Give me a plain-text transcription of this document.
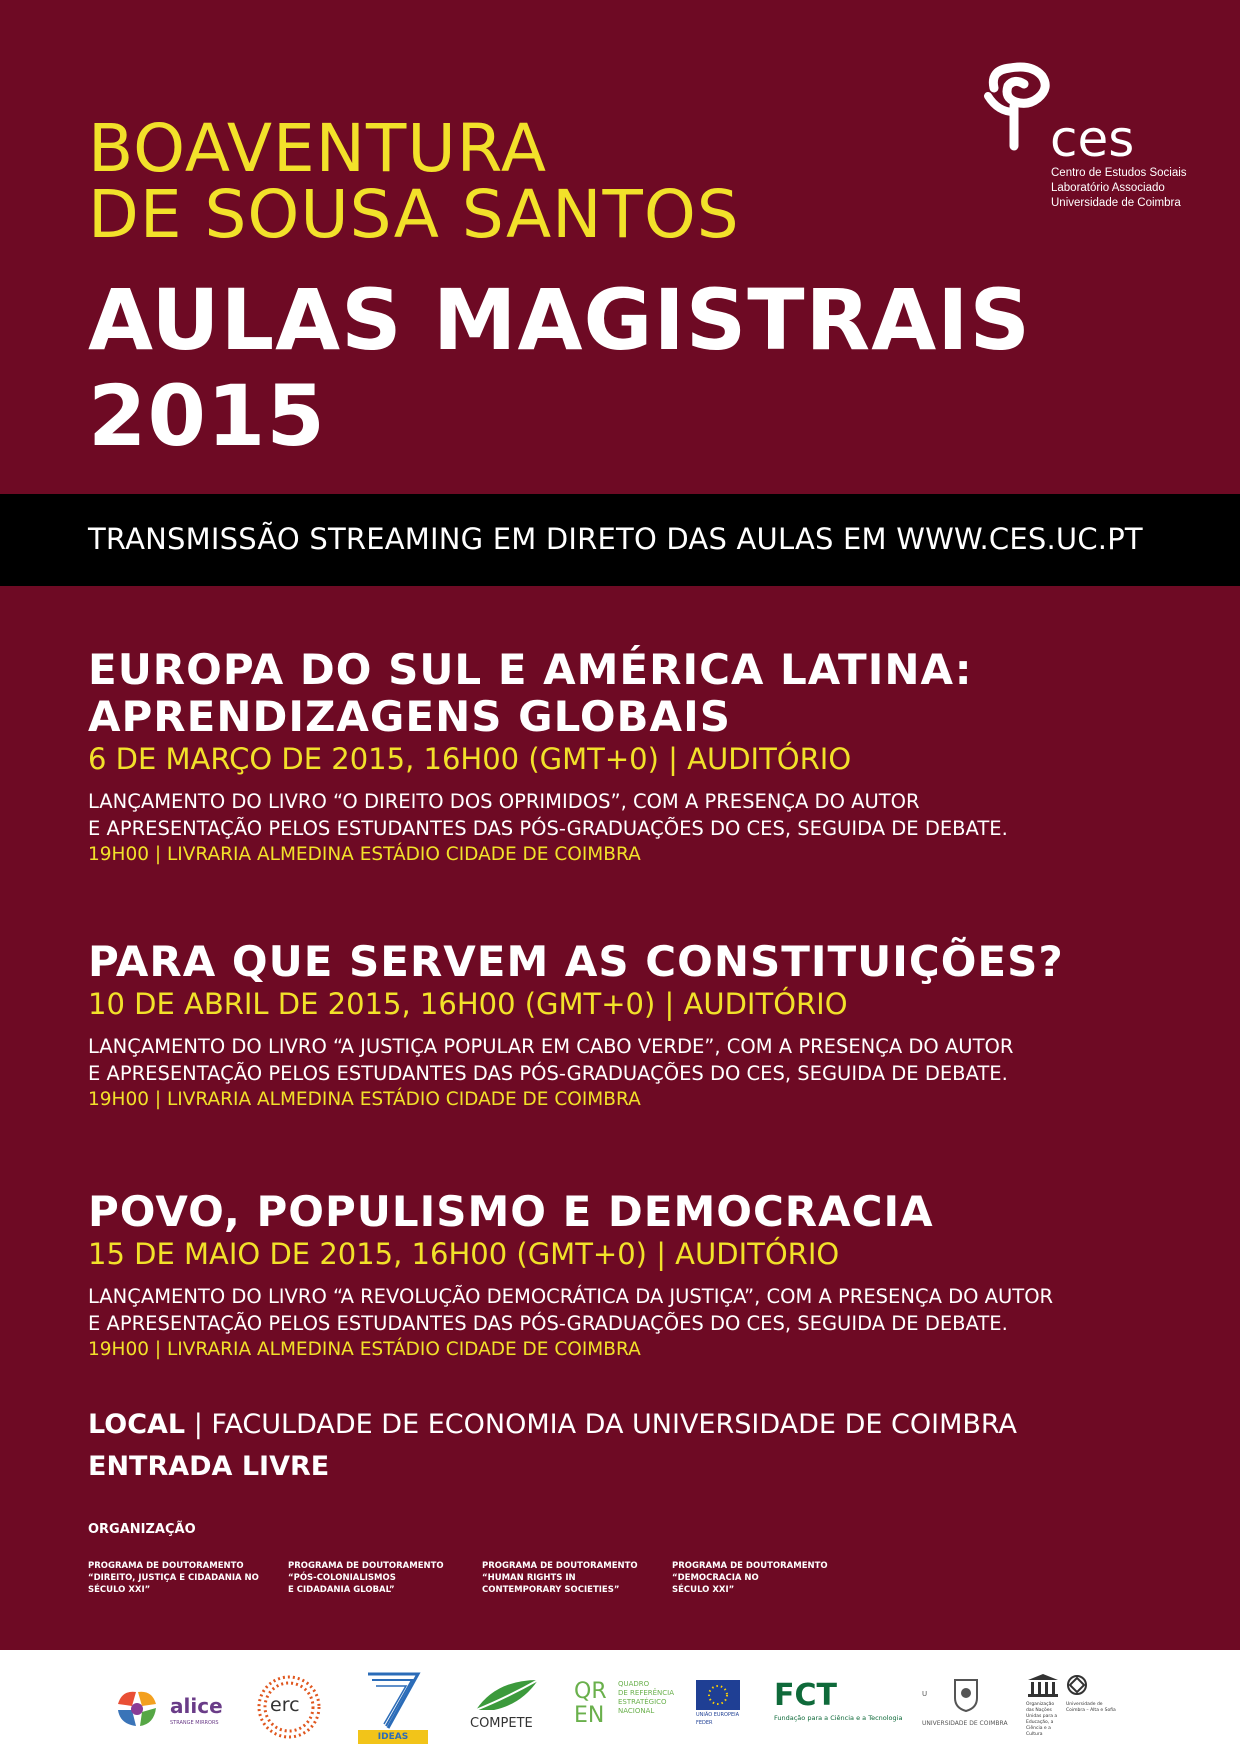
BOAVENTURA
DE SOUSA SANTOS
AULAS MAGISTRAIS
2015
ces
Centro de Estudos Sociais
Laboratório Associado
Universidade de Coimbra
TRANSMISSÃO STREAMING EM DIRETO DAS AULAS EM WWW.CES.UC.PT
EUROPA DO SUL E AMÉRICA LATINA:
APRENDIZAGENS GLOBAIS
6 DE MARÇO DE 2015, 16H00 (GMT+0) | AUDITÓRIO
LANÇAMENTO DO LIVRO “O DIREITO DOS OPRIMIDOS”, COM A PRESENÇA DO AUTOR
E APRESENTAÇÃO PELOS ESTUDANTES DAS PÓS-GRADUAÇÕES DO CES, SEGUIDA DE DEBATE.
19H00 | LIVRARIA ALMEDINA ESTÁDIO CIDADE DE COIMBRA
PARA QUE SERVEM AS CONSTITUIÇÕES?
10 DE ABRIL DE 2015, 16H00 (GMT+0) | AUDITÓRIO
LANÇAMENTO DO LIVRO “A JUSTIÇA POPULAR EM CABO VERDE”, COM A PRESENÇA DO AUTOR
E APRESENTAÇÃO PELOS ESTUDANTES DAS PÓS-GRADUAÇÕES DO CES, SEGUIDA DE DEBATE.
19H00 | LIVRARIA ALMEDINA ESTÁDIO CIDADE DE COIMBRA
POVO, POPULISMO E DEMOCRACIA
15 DE MAIO DE 2015, 16H00 (GMT+0) | AUDITÓRIO
LANÇAMENTO DO LIVRO “A REVOLUÇÃO DEMOCRÁTICA DA JUSTIÇA”, COM A PRESENÇA DO AUTOR
E APRESENTAÇÃO PELOS ESTUDANTES DAS PÓS-GRADUAÇÕES DO CES, SEGUIDA DE DEBATE.
19H00 | LIVRARIA ALMEDINA ESTÁDIO CIDADE DE COIMBRA
LOCAL | FACULDADE DE ECONOMIA DA UNIVERSIDADE DE COIMBRA
ENTRADA LIVRE
ORGANIZAÇÃO
PROGRAMA DE DOUTORAMENTO
“DIREITO, JUSTIÇA E CIDADANIA NO
SÉCULO XXI”
PROGRAMA DE DOUTORAMENTO
“PÓS-COLONIALISMOS
E CIDADANIA GLOBAL”
PROGRAMA DE DOUTORAMENTO
“HUMAN RIGHTS IN
CONTEMPORARY SOCIETIES”
PROGRAMA DE DOUTORAMENTO
“DEMOCRACIA NO
SÉCULO XXI”
alice
STRANGE MIRRORS
erc
IDEAS
COMPETE
QR
EN
QUADRO
DE REFERÊNCIA
ESTRATÉGICO
NACIONAL	UNIÃO EUROPEIA
FEDER
FCT
Fundação para a Ciência e a Tecnologia
U C
UNIVERSIDADE DE COIMBRA
Organização das Nações Unidas para a Educação, a Ciência e a Cultura
Universidade de Coimbra – Alta e Sofia
